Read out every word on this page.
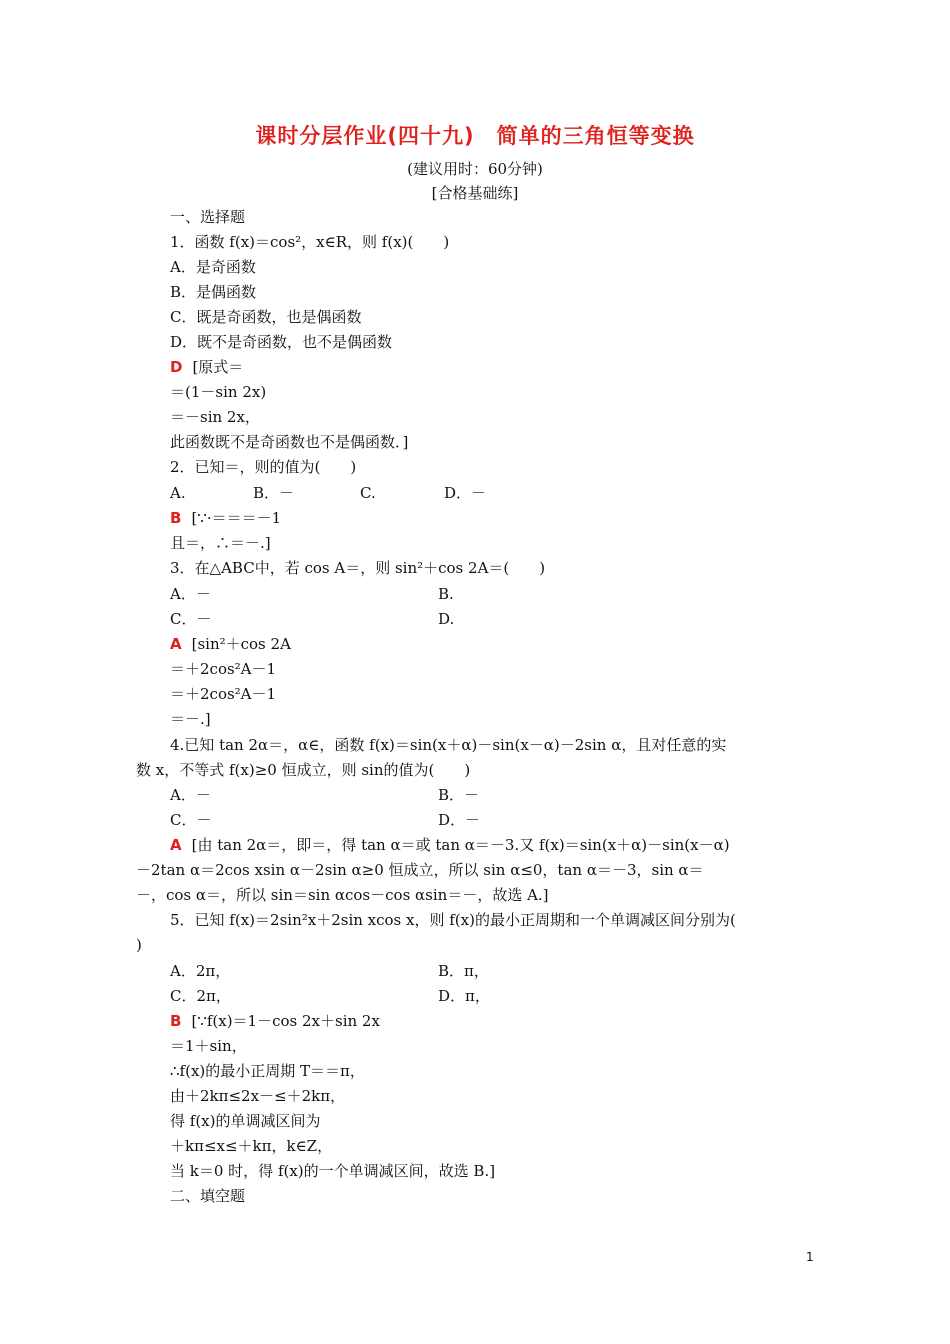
课时分层作业(四十九)　简单的三角恒等变换
(建议用时：60分钟)
[合格基础练]
一、选择题
1．函数 f(x)＝cos²，x∈R，则 f(x)(　　)
A．是奇函数
B．是偶函数
C．既是奇函数，也是偶函数
D．既不是奇函数，也不是偶函数
D [原式＝
＝(1－sin 2x)
＝－sin 2x，
此函数既不是奇函数也不是偶函数．]
2．已知＝，则的值为(　　)
A.	B．－	C.	D．－
B [∵·＝＝＝－1
且＝，∴＝－.]
3．在△ABC中，若 cos A＝，则 sin²＋cos 2A＝(　　)
A．－	B.
C．－	D.
A [sin²＋cos 2A
＝＋2cos²A－1
＝＋2cos²A－1
＝－.]
4.已知 tan 2α＝，α∈，函数 f(x)＝sin(x＋α)－sin(x－α)－2sin α，且对任意的实
数 x，不等式 f(x)≥0 恒成立，则 sin的值为(　　)
A．－	B．－
C．－	D．－
A [由 tan 2α＝，即＝，得 tan α＝或 tan α＝－3.又 f(x)＝sin(x＋α)－sin(x－α)
－2tan α＝2cos xsin α－2sin α≥0 恒成立，所以 sin α≤0，tan α＝－3，sin α＝
－，cos α＝，所以 sin＝sin αcos－cos αsin＝－，故选 A.]
5．已知 f(x)＝2sin²x＋2sin xcos x，则 f(x)的最小正周期和一个单调减区间分别为(
)
A．2π，	B．π，
C．2π，	D．π，
B [∵f(x)＝1－cos 2x＋sin 2x
＝1＋sin，
∴f(x)的最小正周期 T＝＝π，
由＋2kπ≤2x－≤＋2kπ，
得 f(x)的单调减区间为
＋kπ≤x≤＋kπ，k∈Z，
当 k＝0 时，得 f(x)的一个单调减区间，故选 B.]
二、填空题
1
